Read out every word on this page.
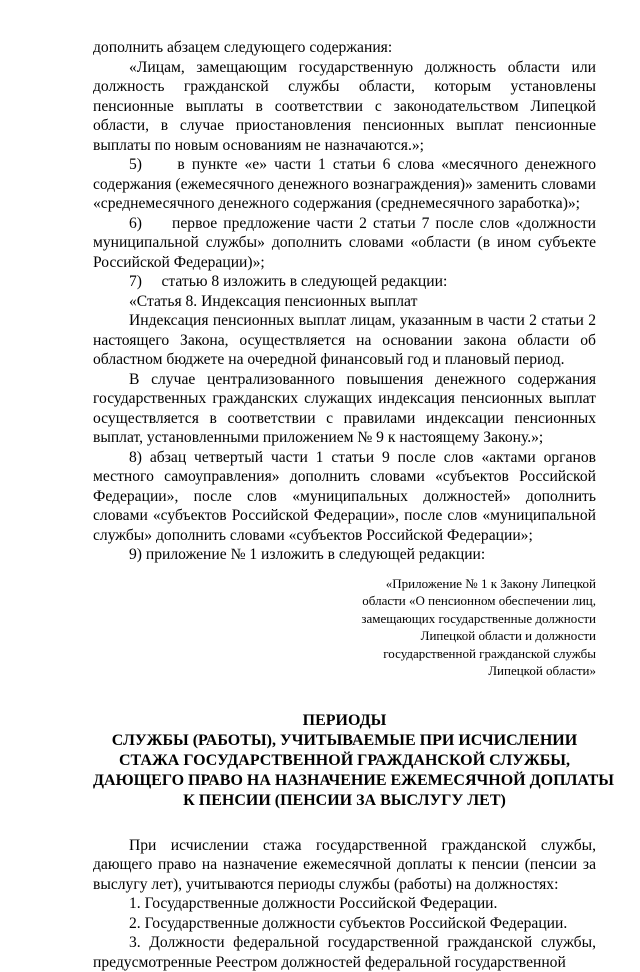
дополнить абзацем следующего содержания:

«Лицам, замещающим государственную должность области или должность гражданской службы области, которым установлены пенсионные выплаты в соответствии с законодательством Липецкой области, в случае приостановления пенсионных выплат пенсионные выплаты по новым основаниям не назначаются.»;

5)     в пункте «е» части 1 статьи 6 слова «месячного денежного содержания (ежемесячного денежного вознаграждения)» заменить словами «среднемесячного денежного содержания (среднемесячного заработка)»;

6)     первое предложение части 2 статьи 7 после слов «должности муниципальной службы» дополнить словами «области (в ином субъекте Российской Федерации)»;

7)     статью 8 изложить в следующей редакции:

«Статья 8. Индексация пенсионных выплат

Индексация пенсионных выплат лицам, указанным в части 2 статьи 2 настоящего Закона, осуществляется на основании закона области об областном бюджете на очередной финансовый год и плановый период.

В случае централизованного повышения денежного содержания государственных гражданских служащих индексация пенсионных выплат осуществляется в соответствии с правилами индексации пенсионных выплат, установленными приложением № 9 к настоящему Закону.»;

8) абзац четвертый части 1 статьи 9 после слов «актами органов местного самоуправления» дополнить словами «субъектов Российской Федерации», после слов «муниципальных должностей» дополнить словами «субъектов Российской Федерации», после слов «муниципальной службы» дополнить словами «субъектов Российской Федерации»;

9) приложение № 1 изложить в следующей редакции:

«Приложение № 1 к Закону Липецкой
области «О пенсионном обеспечении лиц,
замещающих государственные должности
Липецкой области и должности
государственной гражданской службы
Липецкой области»
ПЕРИОДЫ
СЛУЖБЫ (РАБОТЫ), УЧИТЫВАЕМЫЕ ПРИ ИСЧИСЛЕНИИ
СТАЖА ГОСУДАРСТВЕННОЙ ГРАЖДАНСКОЙ СЛУЖБЫ,
ДАЮЩЕГО ПРАВО НА НАЗНАЧЕНИЕ ЕЖЕМЕСЯЧНОЙ ДОПЛАТЫ
К ПЕНСИИ (ПЕНСИИ ЗА ВЫСЛУГУ ЛЕТ)

При исчислении стажа государственной гражданской службы, дающего право на назначение ежемесячной доплаты к пенсии (пенсии за выслугу лет), учитываются периоды службы (работы) на должностях:

1. Государственные должности Российской Федерации.

2. Государственные должности субъектов Российской Федерации.

3. Должности федеральной государственной гражданской службы, предусмотренные Реестром должностей федеральной государственной
